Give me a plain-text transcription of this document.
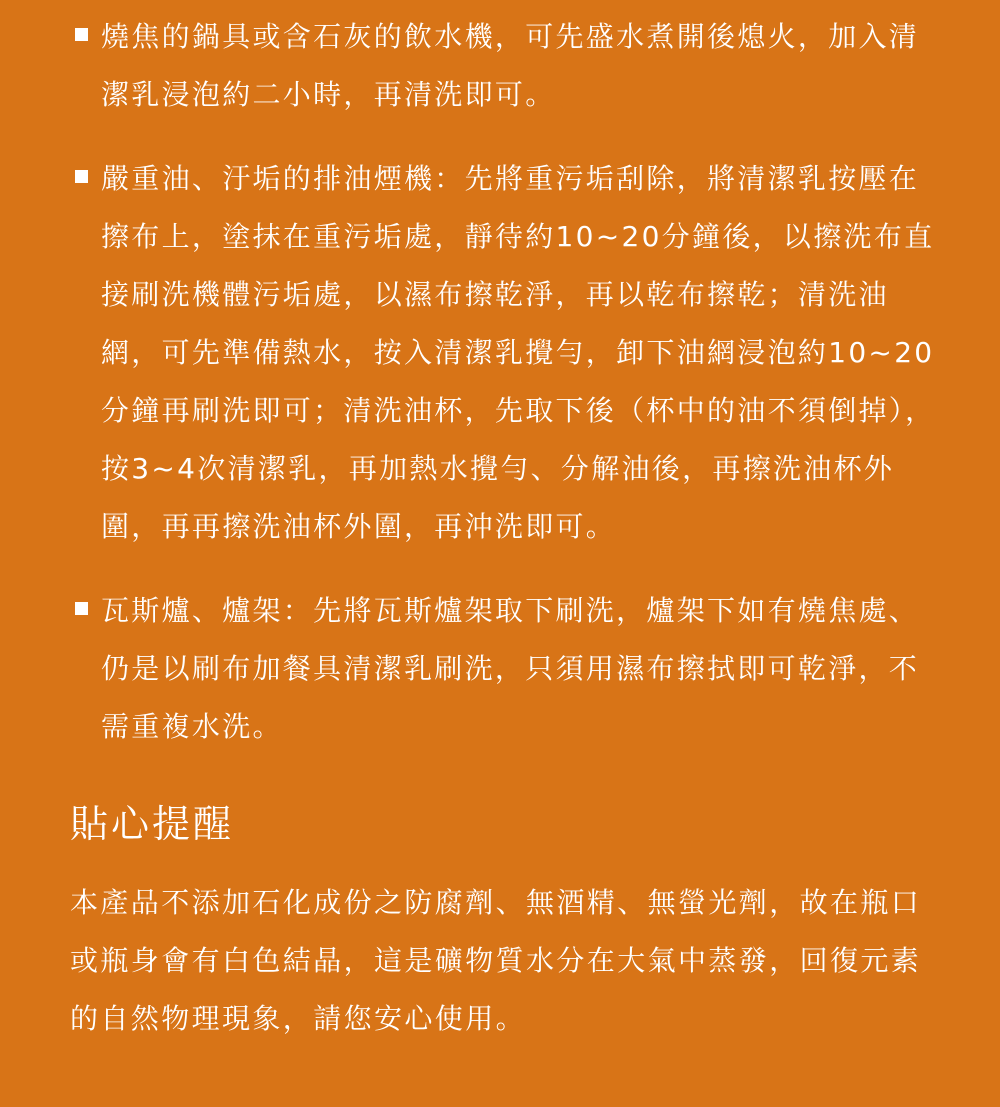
燒焦的鍋具或含石灰的飲水機，可先盛水煮開後熄火，加入清潔乳浸泡約二小時，再清洗即可。
嚴重油、汙垢的排油煙機：先將重污垢刮除，將清潔乳按壓在擦布上，塗抹在重污垢處，靜待約10~20分鐘後，以擦洗布直接刷洗機體污垢處，以濕布擦乾淨，再以乾布擦乾；清洗油網，可先準備熱水，按入清潔乳攪勻，卸下油網浸泡約10~20分鐘再刷洗即可；清洗油杯，先取下後（杯中的油不須倒掉），按3~4次清潔乳，再加熱水攪勻、分解油後，再擦洗油杯外圍，再再擦洗油杯外圍，再沖洗即可。
瓦斯爐、爐架：先將瓦斯爐架取下刷洗，爐架下如有燒焦處、仍是以刷布加餐具清潔乳刷洗，只須用濕布擦拭即可乾淨，不需重複水洗。
貼心提醒

本產品不添加石化成份之防腐劑、無酒精、無螢光劑，故在瓶口或瓶身會有白色結晶，這是礦物質水分在大氣中蒸發，回復元素的自然物理現象，請您安心使用。
